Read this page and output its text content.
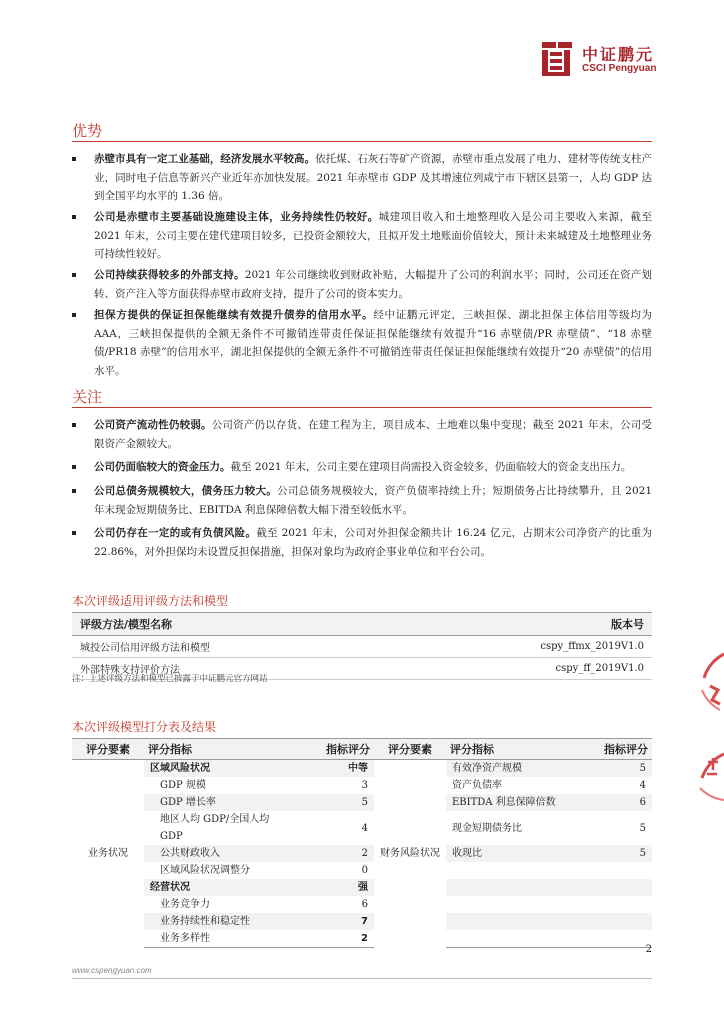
中证鹏元
CSCI Pengyuan
优势
赤壁市具有一定工业基础，经济发展水平较高。依托煤、石灰石等矿产资源，赤壁市重点发展了电力、建材等传统支柱产业，同时电子信息等新兴产业近年亦加快发展。2021 年赤壁市 GDP 及其增速位列咸宁市下辖区县第一，人均 GDP 达到全国平均水平的 1.36 倍。
公司是赤壁市主要基础设施建设主体，业务持续性仍较好。城建项目收入和土地整理收入是公司主要收入来源，截至 2021 年末，公司主要在建代建项目较多，已投资金额较大，且拟开发土地账面价值较大，预计未来城建及土地整理业务可持续性较好。
公司持续获得较多的外部支持。2021 年公司继续收到财政补贴，大幅提升了公司的利润水平；同时，公司还在资产划转、资产注入等方面获得赤壁市政府支持，提升了公司的资本实力。
担保方提供的保证担保能继续有效提升债券的信用水平。经中证鹏元评定，三峡担保、湖北担保主体信用等级均为 AAA，三峡担保提供的全额无条件不可撤销连带责任保证担保能继续有效提升“16 赤壁债/PR 赤壁债”、“18 赤壁债/PR18 赤壁”的信用水平，湖北担保提供的全额无条件不可撤销连带责任保证担保能继续有效提升“20 赤壁债”的信用水平。
关注
公司资产流动性仍较弱。公司资产仍以存货、在建工程为主，项目成本、土地难以集中变现；截至 2021 年末，公司受限资产金额较大。
公司仍面临较大的资金压力。截至 2021 年末，公司主要在建项目尚需投入资金较多，仍面临较大的资金支出压力。
公司总债务规模较大，债务压力较大。公司总债务规模较大，资产负债率持续上升；短期债务占比持续攀升，且 2021 年末现金短期债务比、EBITDA 利息保障倍数大幅下滑至较低水平。
公司仍存在一定的或有负债风险。截至 2021 年末，公司对外担保金额共计 16.24 亿元，占期末公司净资产的比重为 22.86%，对外担保均未设置反担保措施，担保对象均为政府企事业单位和平台公司。
本次评级适用评级方法和模型
评级方法/模型名称	版本号
城投公司信用评级方法和模型	cspy_ffmx_2019V1.0
外部特殊支持评价方法	cspy_ff_2019V1.0
注：上述评级方法和模型已披露于中证鹏元官方网站
本次评级模型打分表及结果
评分要素	评分指标	指标评分	评分要素	评分指标	指标评分
业务状况	区域风险状况	中等	财务风险状况	有效净资产规模	5
	GDP 规模	3		资产负债率	4
	GDP 增长率	5		EBITDA 利息保障倍数	6
	地区人均 GDP/全国人均 GDP	4		现金短期债务比	5
	公共财政收入	2		收现比	5
	区域风险状况调整分	0			
	经营状况	强			
	业务竞争力	6			
	业务持续性和稳定性	7			
	业务多样性	2			
2
www.cspengyuan.com
